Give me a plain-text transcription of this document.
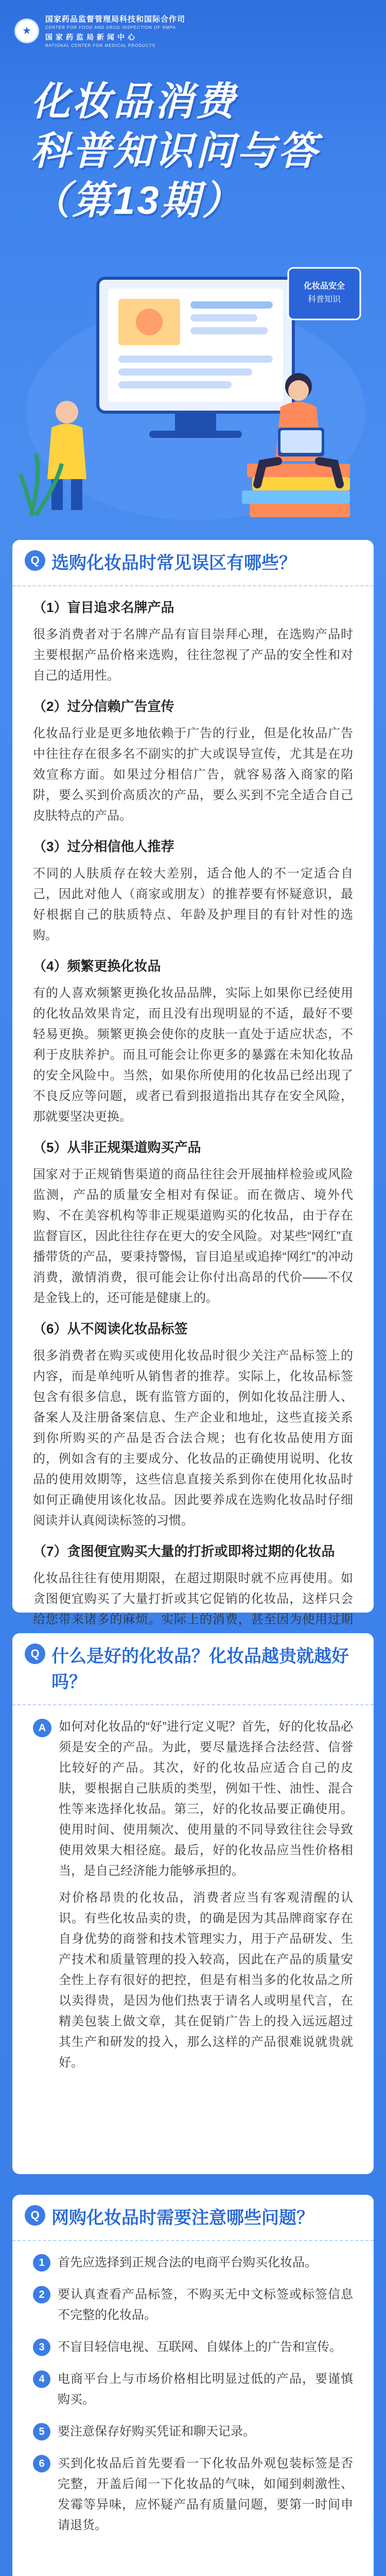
★
国家药品监督管理局科技和国际合作司
CENTER FOR FOOD AND DRUG INSPECTION OF NMPA
国家药监局新闻中心
NATIONAL CENTER FOR MEDICAL PRODUCTS
化妆品消费
科普知识问与答
（第13期）
化妆品安全
科普知识
Q 选购化妆品时常见误区有哪些？
（1）盲目追求名牌产品
很多消费者对于名牌产品有盲目崇拜心理，在选购产品时主要根据产品价格来选购，往往忽视了产品的安全性和对自己的适用性。
（2）过分信赖广告宣传
化妆品行业是更多地依赖于广告的行业，但是化妆品广告中往往存在很多名不副实的扩大或误导宣传，尤其是在功效宣称方面。如果过分相信广告，就容易落入商家的陷阱，要么买到价高质次的产品，要么买到不完全适合自己皮肤特点的产品。
（3）过分相信他人推荐
不同的人肤质存在较大差别，适合他人的不一定适合自己，因此对他人（商家或朋友）的推荐要有怀疑意识，最好根据自己的肤质特点、年龄及护理目的有针对性的选购。
（4）频繁更换化妆品
有的人喜欢频繁更换化妆品品牌，实际上如果你已经使用的化妆品效果肯定，而且没有出现明显的不适，最好不要轻易更换。频繁更换会使你的皮肤一直处于适应状态，不利于皮肤养护。而且可能会让你更多的暴露在未知化妆品的安全风险中。当然，如果你所使用的化妆品已经出现了不良反应等问题，或者已看到报道指出其存在安全风险，那就要坚决更换。
（5）从非正规渠道购买产品
国家对于正规销售渠道的商品往往会开展抽样检验或风险监测，产品的质量安全相对有保证。而在微店、境外代购、不在美容机构等非正规渠道购买的化妆品，由于存在监督盲区，因此往往存在更大的安全风险。对某些“网红”直播带货的产品，要秉持警惕，盲目追星或追捧“网红”的冲动消费，激情消费，很可能会让你付出高昂的代价——不仅是金钱上的，还可能是健康上的。
（6）从不阅读化妆品标签
很多消费者在购买或使用化妆品时很少关注产品标签上的内容，而是单纯听从销售者的推荐。实际上，化妆品标签包含有很多信息，既有监管方面的，例如化妆品注册人、备案人及注册备案信息、生产企业和地址，这些直接关系到你所购买的产品是否合法合规；也有化妆品使用方面的，例如含有的主要成分、化妆品的正确使用说明、化妆品的使用效期等，这些信息直接关系到你在使用化妆品时如何正确使用该化妆品。因此要养成在选购化妆品时仔细阅读并认真阅读标签的习惯。
（7）贪图便宜购买大量的打折或即将过期的化妆品
化妆品往往有使用期限，在超过期限时就不应再使用。如贪图便宜购买了大量打折或其它促销的化妆品，这样只会给您带来诸多的麻烦。实际上的消费，甚至因为使用过期
Q 什么是好的化妆品？化妆品越贵就越好吗？
A	如何对化妆品的“好”进行定义呢？首先，好的化妆品必须是安全的产品。为此，要尽量选择合法经营、信誉比较好的产品。其次，好的化妆品应适合自己的皮肤，要根据自己肤质的类型，例如干性、油性、混合性等来选择化妆品。第三，好的化妆品要正确使用。使用时间、使用频次、使用量的不同导致往往会导致使用效果大相径庭。最后，好的化妆品应当性价格相当，是自己经济能力能够承担的。
对价格昂贵的化妆品，消费者应当有客观清醒的认识。有些化妆品卖的贵，的确是因为其品牌商家存在自身优势的商誉和技术管理实力，用于产品研发、生产技术和质量管理的投入较高，因此在产品的质量安全性上存有很好的把控，但是有相当多的化妆品之所以卖得贵，是因为他们热衷于请名人或明星代言，在精美包装上做文章，其在促销广告上的投入远远超过其生产和研发的投入，那么这样的产品很难说就贵就好。
Q 网购化妆品时需要注意哪些问题？
1	首先应选择到正规合法的电商平台购买化妆品。
2	要认真查看产品标签，不购买无中文标签或标签信息不完整的化妆品。
3	不盲目轻信电视、互联网、自媒体上的广告和宣传。
4	电商平台上与市场价格相比明显过低的产品，要谨慎购买。
5	要注意保存好购买凭证和聊天记录。
6	买到化妆品后首先要看一下化妆品外观包装标签是否完整，开盖后闻一下化妆品的气味，如闻到刺激性、发霉等异味，应怀疑产品有质量问题，要第一时间申请退货。
